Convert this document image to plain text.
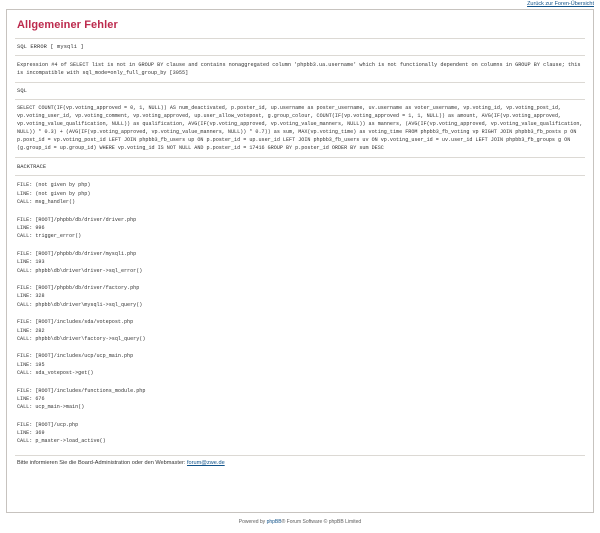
Zurück zur Foren-Übersicht
Allgemeiner Fehler
SQL ERROR [ mysqli ]
Expression #4 of SELECT list is not in GROUP BY clause and contains nonaggregated column 'phpbb3.ua.username' which is not functionally dependent on columns in GROUP BY clause; this is incompatible with sql_mode=only_full_group_by [3055]
SQL
SELECT COUNT(IF(vp.voting_approved = 0, 1, NULL)) AS num_deactivated, p.poster_id, up.username as poster_username, uv.username as voter_username, vp.voting_id, vp.voting_post_id, vp.voting_user_id, vp.voting_comment, vp.voting_approved, up.user_allow_votepost, g.group_colour, COUNT(IF(vp.voting_approved = 1, 1, NULL)) as amount, AVG(IF(vp.voting_approved, vp.voting_value_qualification, NULL)) as qualification, AVG(IF(vp.voting_approved, vp.voting_value_manners, NULL)) as manners, (AVG(IF(vp.voting_approved, vp.voting_value_qualification, NULL)) * 0.3) + (AVG(IF(vp.voting_approved, vp.voting_value_manners, NULL)) * 0.7)) as sum, MAX(vp.voting_time) as voting_time FROM phpbb3_fb_voting vp RIGHT JOIN phpbb3_fb_posts p ON p.post_id = vp.voting_post_id LEFT JOIN phpbb3_fb_users up ON p.poster_id = up.user_id LEFT JOIN phpbb3_fb_users uv ON vp.voting_user_id = uv.user_id LEFT JOIN phpbb3_fb_groups g ON (g.group_id = up.group_id) WHERE vp.voting_id IS NOT NULL AND p.poster_id = 17416 GROUP BY p.poster_id ORDER BY sum DESC
BACKTRACE
FILE: (not given by php)
LINE: (not given by php)
CALL: msg_handler()
FILE: [ROOT]/phpbb/db/driver/driver.php
LINE: 996
CALL: trigger_error()
FILE: [ROOT]/phpbb/db/driver/mysqli.php
LINE: 193
CALL: phpbb\db\driver\driver->sql_error()
FILE: [ROOT]/phpbb/db/driver/factory.php
LINE: 328
CALL: phpbb\db\driver\mysqli->sql_query()
FILE: [ROOT]/includes/sda/votepost.php
LINE: 282
CALL: phpbb\db\driver\factory->sql_query()
FILE: [ROOT]/includes/ucp/ucp_main.php
LINE: 195
CALL: sda_votepost->get()
FILE: [ROOT]/includes/functions_module.php
LINE: 676
CALL: ucp_main->main()
FILE: [ROOT]/ucp.php
LINE: 369
CALL: p_master->load_active()
Bitte informieren Sie die Board-Administration oder den Webmaster: forum@zwe.de
Powered by phpBB® Forum Software © phpBB Limited
